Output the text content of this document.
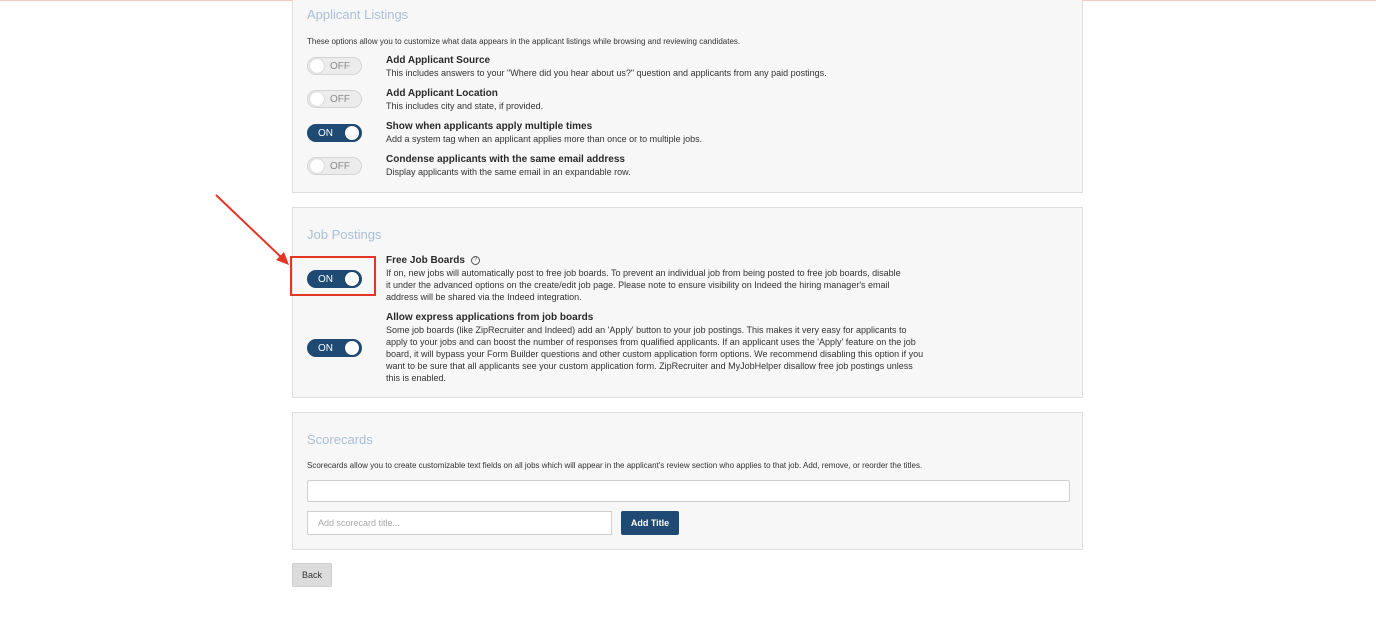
Applicant Listings
These options allow you to customize what data appears in the applicant listings while browsing and reviewing candidates.
OFF
Add Applicant Source
This includes answers to your "Where did you hear about us?" question and applicants from any paid postings.
OFF
Add Applicant Location
This includes city and state, if provided.
ON
Show when applicants apply multiple times
Add a system tag when an applicant applies more than once or to multiple jobs.
OFF
Condense applicants with the same email address
Display applicants with the same email in an expandable row.
Job Postings
ON
Free Job Boards ?
If on, new jobs will automatically post to free job boards. To prevent an individual job from being posted to free job boards, disable it under the advanced options on the create/edit job page. Please note to ensure visibility on Indeed the hiring manager's email address will be shared via the Indeed integration.
ON
Allow express applications from job boards
Some job boards (like ZipRecruiter and Indeed) add an 'Apply' button to your job postings. This makes it very easy for applicants to apply to your jobs and can boost the number of responses from qualified applicants. If an applicant uses the 'Apply' feature on the job board, it will bypass your Form Builder questions and other custom application form options. We recommend disabling this option if you want to be sure that all applicants see your custom application form. ZipRecruiter and MyJobHelper disallow free job postings unless this is enabled.
Scorecards
Scorecards allow you to create customizable text fields on all jobs which will appear in the applicant's review section who applies to that job. Add, remove, or reorder the titles.
Add scorecard title...
Add Title
Back
